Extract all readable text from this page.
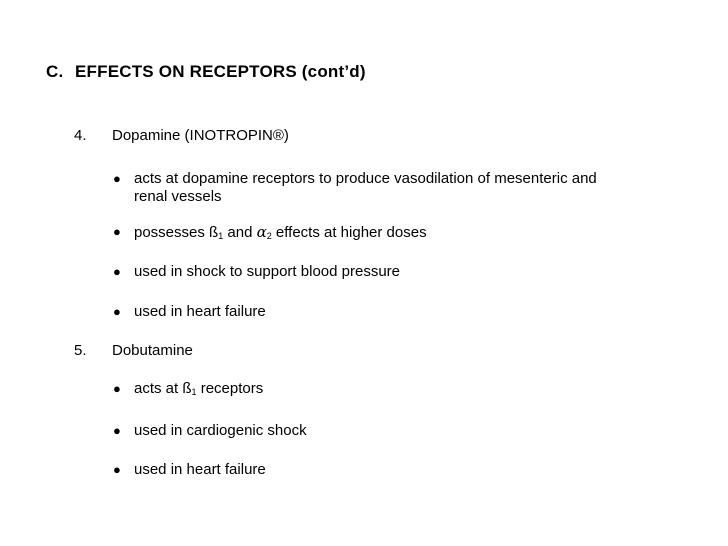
C. EFFECTS ON RECEPTORS (cont’d)
4. Dopamine (INOTROPIN®)
● acts at dopamine receptors to produce vasodilation of mesenteric and
renal vessels
● possesses $ß_1$ and $\alpha_2$ effects at higher doses
● used in shock to support blood pressure
● used in heart failure
5. Dobutamine
● acts at $ß_1$ receptors
● used in cardiogenic shock
● used in heart failure
